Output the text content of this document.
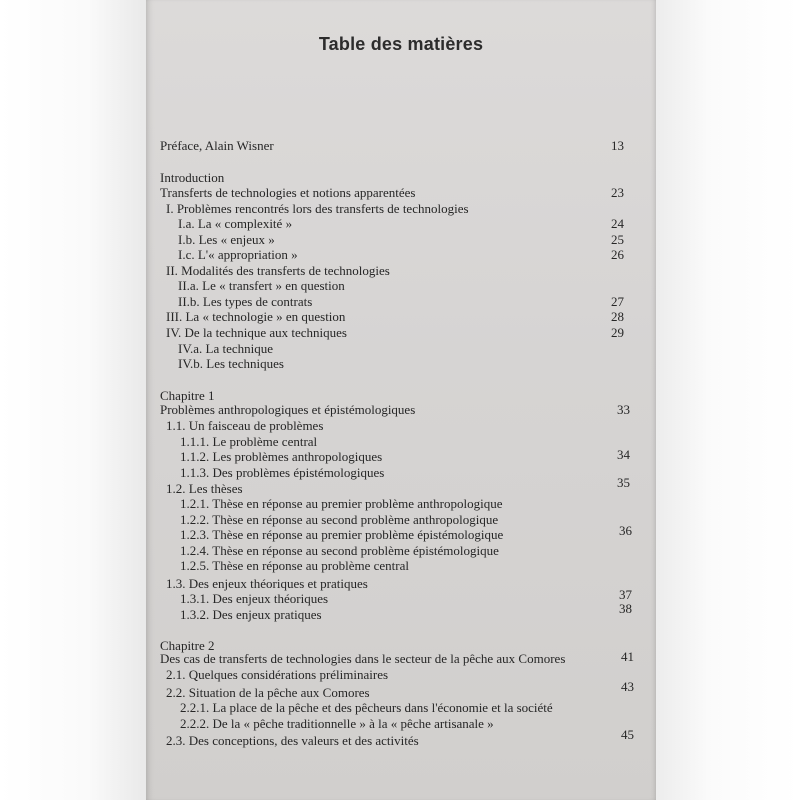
Table des matières
Préface, Alain Wisner	13
Introduction
Transferts de technologies et notions apparentées	23
I. Problèmes rencontrés lors des transferts de technologies
I.a. La « complexité »	24
I.b. Les « enjeux »	25
I.c. L'« appropriation »	26
II. Modalités des transferts de technologies
II.a. Le « transfert » en question
II.b. Les types de contrats	27
III. La « technologie » en question	28
IV. De la technique aux techniques	29
IV.a. La technique
IV.b. Les techniques
Chapitre 1
Problèmes anthropologiques et épistémologiques	33
1.1. Un faisceau de problèmes
1.1.1. Le problème central
1.1.2. Les problèmes anthropologiques	34
1.1.3. Des problèmes épistémologiques
1.2. Les thèses	35
1.2.1. Thèse en réponse au premier problème anthropologique
1.2.2. Thèse en réponse au second problème anthropologique
1.2.3. Thèse en réponse au premier problème épistémologique	36
1.2.4. Thèse en réponse au second problème épistémologique
1.2.5. Thèse en réponse au problème central
1.3. Des enjeux théoriques et pratiques
1.3.1. Des enjeux théoriques	37
1.3.2. Des enjeux pratiques	38
Chapitre 2
Des cas de transferts de technologies dans le secteur de la pêche aux Comores	41
2.1. Quelques considérations préliminaires
2.2. Situation de la pêche aux Comores	43
2.2.1. La place de la pêche et des pêcheurs dans l'économie et la société
2.2.2. De la « pêche traditionnelle » à la « pêche artisanale »
2.3. Des conceptions, des valeurs et des activités	45
